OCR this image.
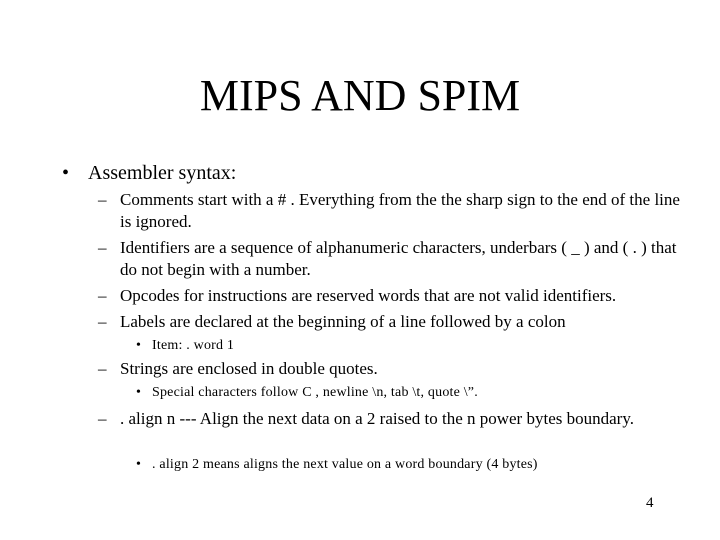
MIPS AND SPIM
• Assembler syntax:
– Comments start with a # . Everything from the the sharp sign to the end of the line is ignored.
– Identifiers are a sequence of alphanumeric characters, underbars ( _ ) and ( . ) that do not begin with a number.
– Opcodes for instructions are reserved words that are not valid identifiers.
– Labels are declared at the beginning of a line followed by a colon
• Item: . word 1
– Strings are enclosed in double quotes.
• Special characters follow C , newline \n, tab \t, quote \”.
– . align n --- Align the next data on a 2 raised to the n power bytes boundary.
• . align 2 means aligns the next value on a word boundary (4 bytes)
4
